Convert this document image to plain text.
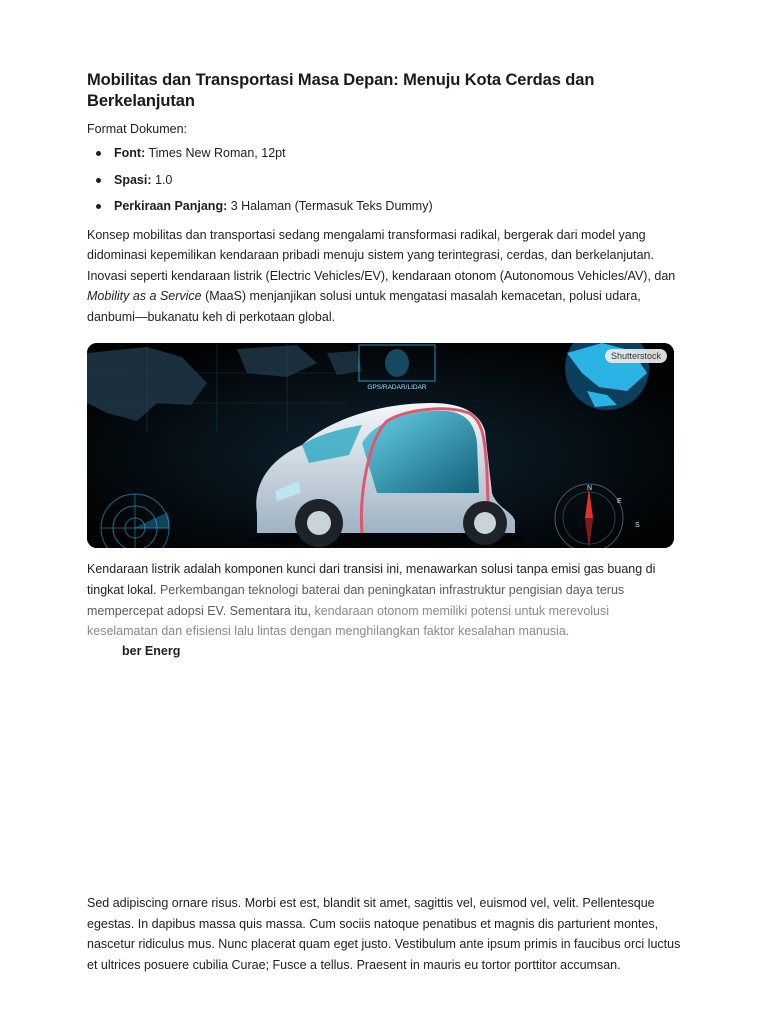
Mobilitas dan Transportasi Masa Depan: Menuju Kota Cerdas dan Berkelanjutan
Format Dokumen:
Font: Times New Roman, 12pt
Spasi: 1.0
Perkiraan Panjang: 3 Halaman (Termasuk Teks Dummy)

Konsep mobilitas dan transportasi sedang mengalami transformasi radikal, bergerak dari model yang didominasi kepemilikan kendaraan pribadi menuju sistem yang terintegrasi, cerdas, dan berkelanjutan. Inovasi seperti kendaraan listrik (Electric Vehicles/EV), kendaraan otonom (Autonomous Vehicles/AV), dan Mobility as a Service (MaaS) menjanjikan solusi untuk mengatasi masalah kemacetan, polusi udara, danbumi—bukanatu keh di perkotaan global.

GPS/RADAR/LIDAR
N
E
S
Shutterstock

Kendaraan listrik adalah komponen kunci dari transisi ini, menawarkan solusi tanpa emisi gas buang di tingkat lokal. Perkembangan teknologi baterai dan peningkatan infrastruktur pengisian daya terus mempercepat adopsi EV. Sementara itu, kendaraan otonom memiliki potensi untuk merevolusi keselamatan dan efisiensi lalu lintas dengan menghilangkan faktor kesalahan manusia.

ber Energ

Sed adipiscing ornare risus. Morbi est est, blandit sit amet, sagittis vel, euismod vel, velit. Pellentesque egestas. In dapibus massa quis massa. Cum sociis natoque penatibus et magnis dis parturient montes, nascetur ridiculus mus. Nunc placerat quam eget justo. Vestibulum ante ipsum primis in faucibus orci luctus et ultrices posuere cubilia Curae; Fusce a tellus. Praesent in mauris eu tortor porttitor accumsan.
